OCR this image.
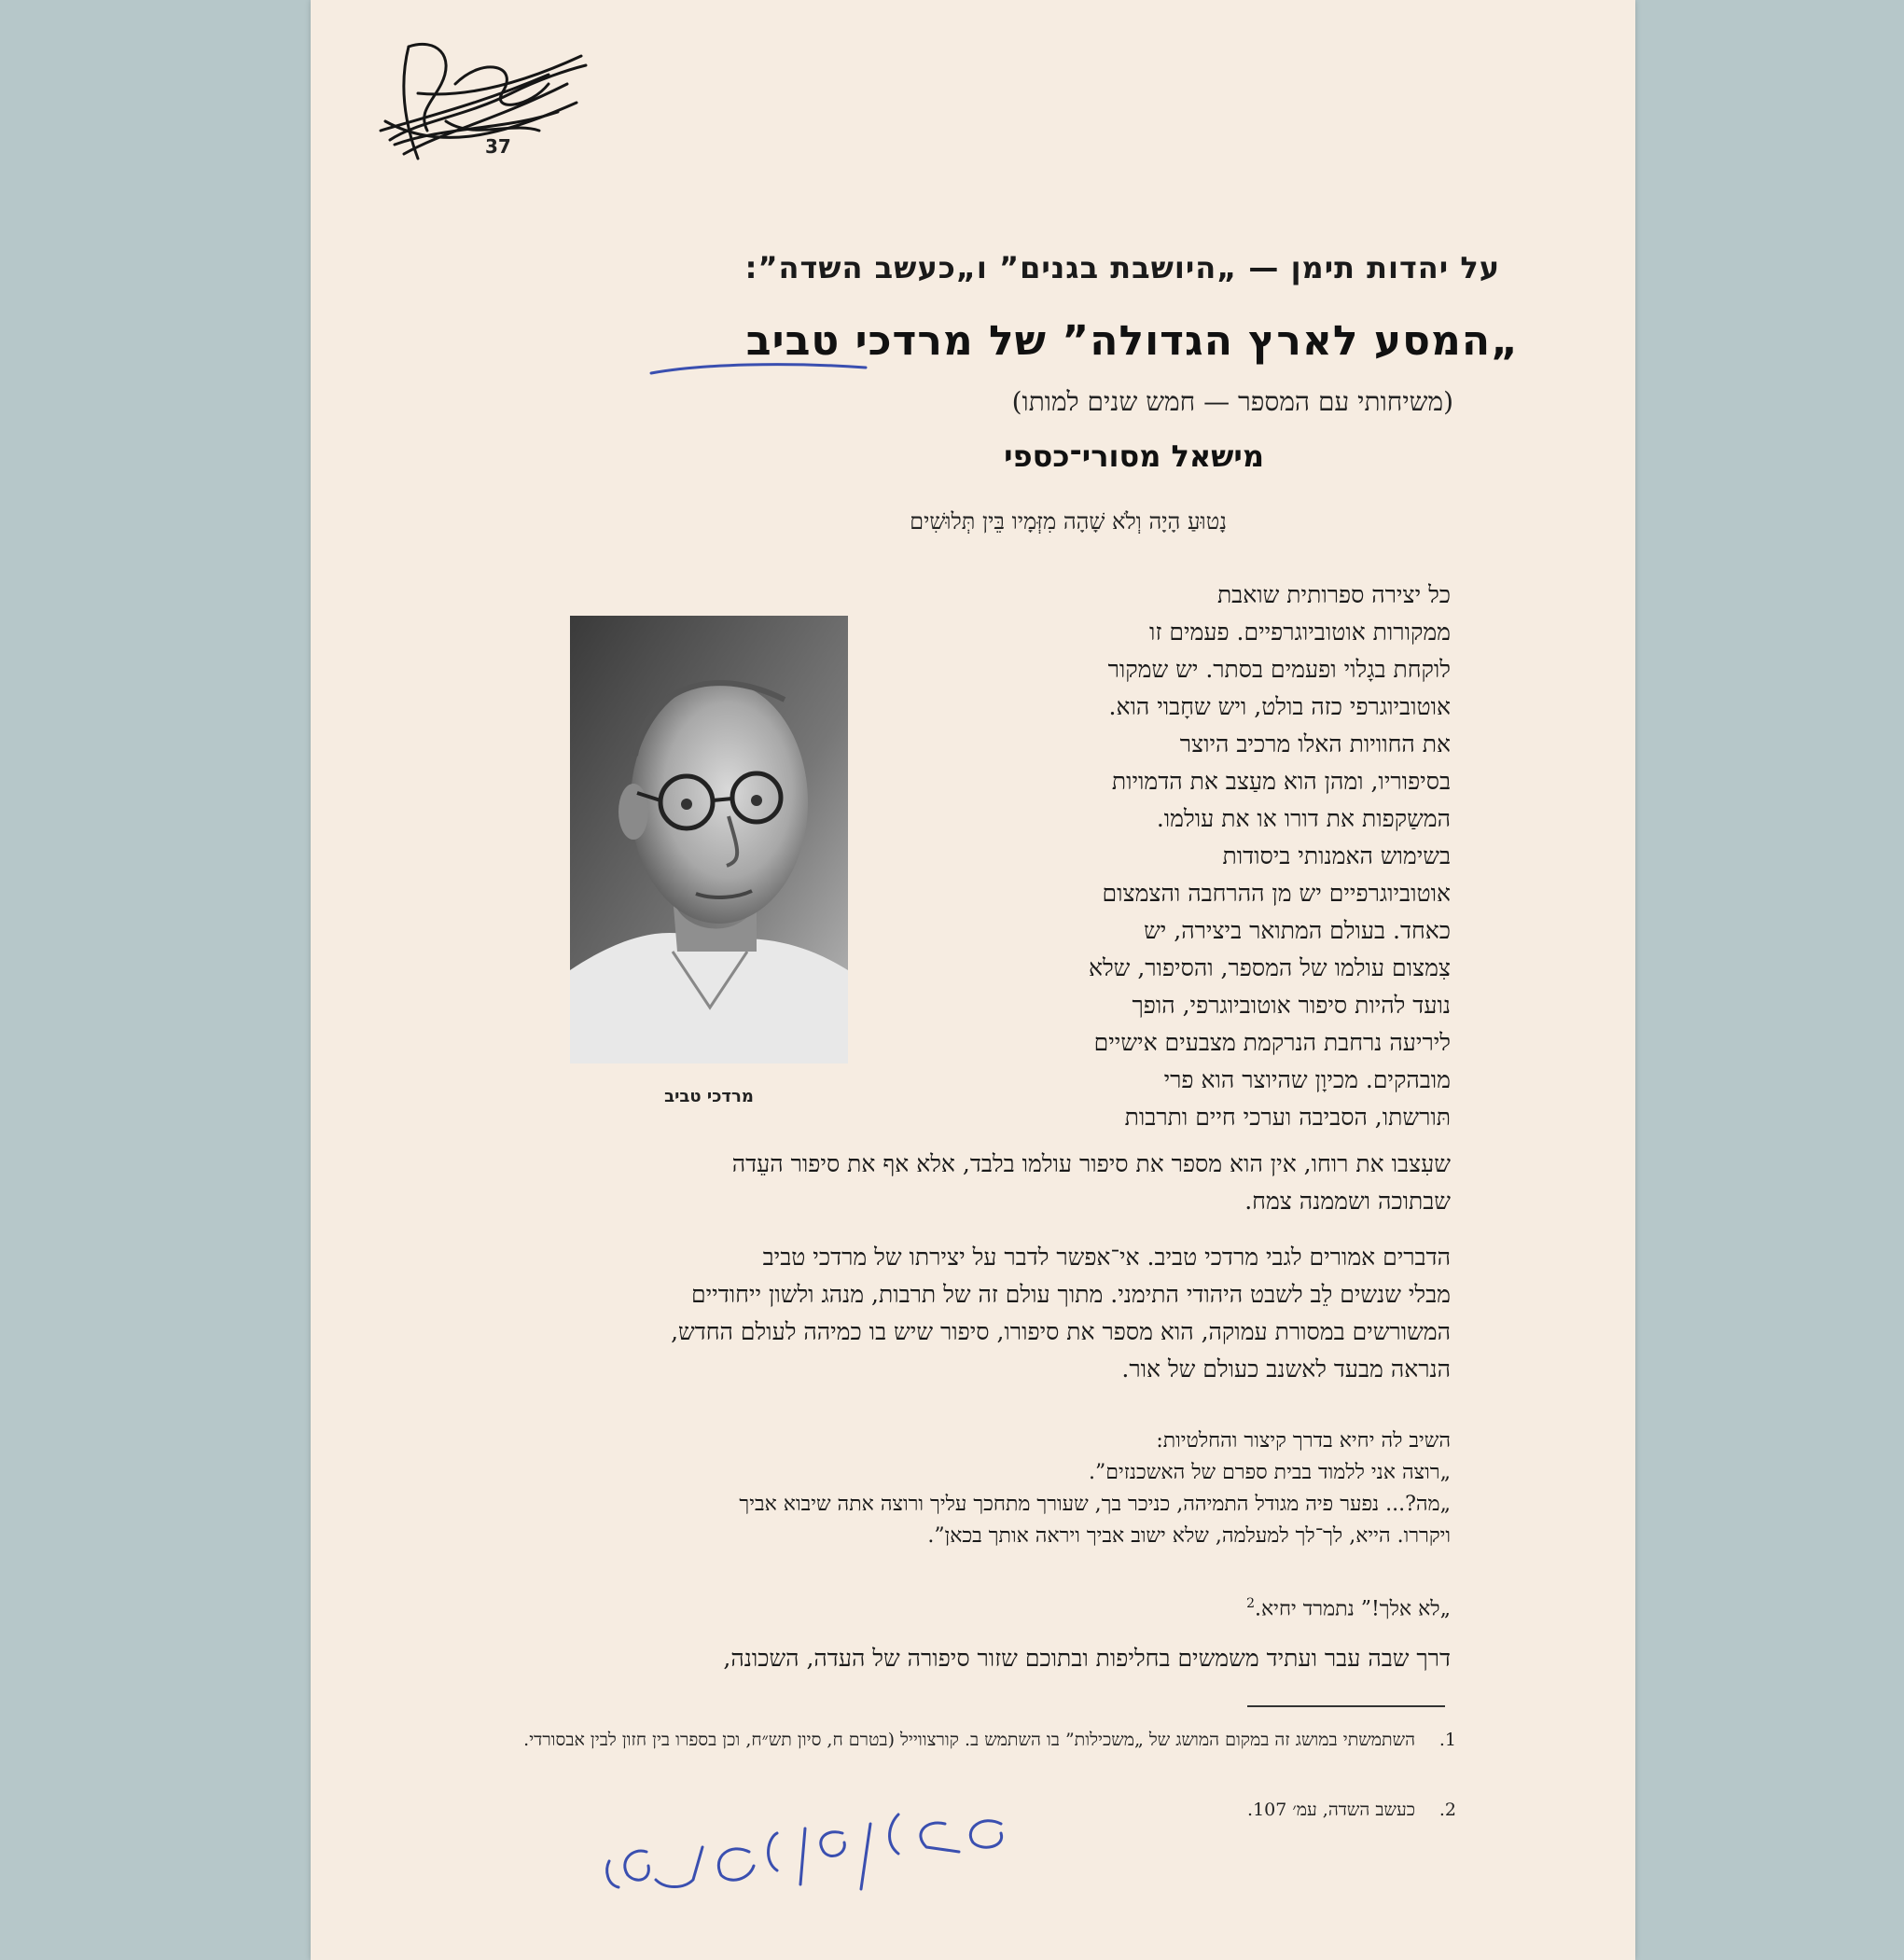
37
על יהדות תימן — „היושבת בגנים” ו„כעשב השדה”:
„המסע לארץ הגדולה” של מרדכי טביב
(משיחותי עם המספר — חמש שנים למותו)
מישאל מסורי־כספי
נָטוּעַ הָיָה וְלֹא שָׁהָה מִזְּמָיו בֵּין תְּלוּשִׁים
מרדכי טביב
כל יצירה ספרותית שואבת
ממקורות אוטוביוגרפיים. פעמים זו
לוקחת בגָלוי ופעמים בסתר. יש שמקור
אוטוביוגרפי כזה בולט, ויש שחָבוי הוא.
את החוויות האלו מרכיב היוצר
בסיפוריו, ומהן הוא מעַצב את הדמויות
המשַקפות את דורו או את עולמו.
בשימוש האמנותי ביסודות
אוטוביוגרפיים יש מן ההרחבה והצמצום
כאחד. בעולם המתואר ביצירה, יש
צִמצום עולמו של המספר, והסיפור, שלא
נועד להיות סיפור אוטוביוגרפי, הופך
ליריעה נרחבת הנרקמת מצבעים אישיים
מובהקים. מכיוָן שהיוצר הוא פרי
תּורשתו, הסביבה וערכי חיים ותרבות
שעִצבו את רוחו, אין הוא מספר את סיפור עולמו בלבד, אלא אף את סיפור העֵדה
שבתוכה ושממנה צמח.
הדברים אמורים לגבי מרדכי טביב. אי־אפשר לדבר על יצירתו של מרדכי טביב
מבלי שנשים לֵב לשבט היהודי התימני. מתוך עולם זה של תרבות, מנהג ולשון ייחודיים
המשורשים במסורת עמוקה, הוא מספר את סיפורו, סיפור שיש בו כמיהה לעולם החדש,
הנראה מבעד לאשנב כעולם של אור.
השיב לה יחיא בדרך קיצור והחלטיות:
„רוצה אני ללמוד בבית ספרם של האשכנזים”.
„מה?... נפער פיה מגודל התמיהה, כניכר בך, שעורך מתחכך עליך ורוצה אתה שיבוא אביך
ויקררו. הייא, לך־לך למעלמה, שלא ישוב אביך ויראה אותך בכאן”.
„לא אלך!” נתמרד יחיא.$^2$
דרך שבה עבר ועתיד משמשים בחליפות ובתוכם שזור סיפורה של העדה, השכונה,
1.השתמשתי במושג זה במקום המושג של „משכילות” בו השתמש ב. קורצווייל (בטרם ח, סיון תש״ח, וכן בספרו בין חזון לבין אבסורדי.
2.כעשב השדה, עמ׳ 107.
